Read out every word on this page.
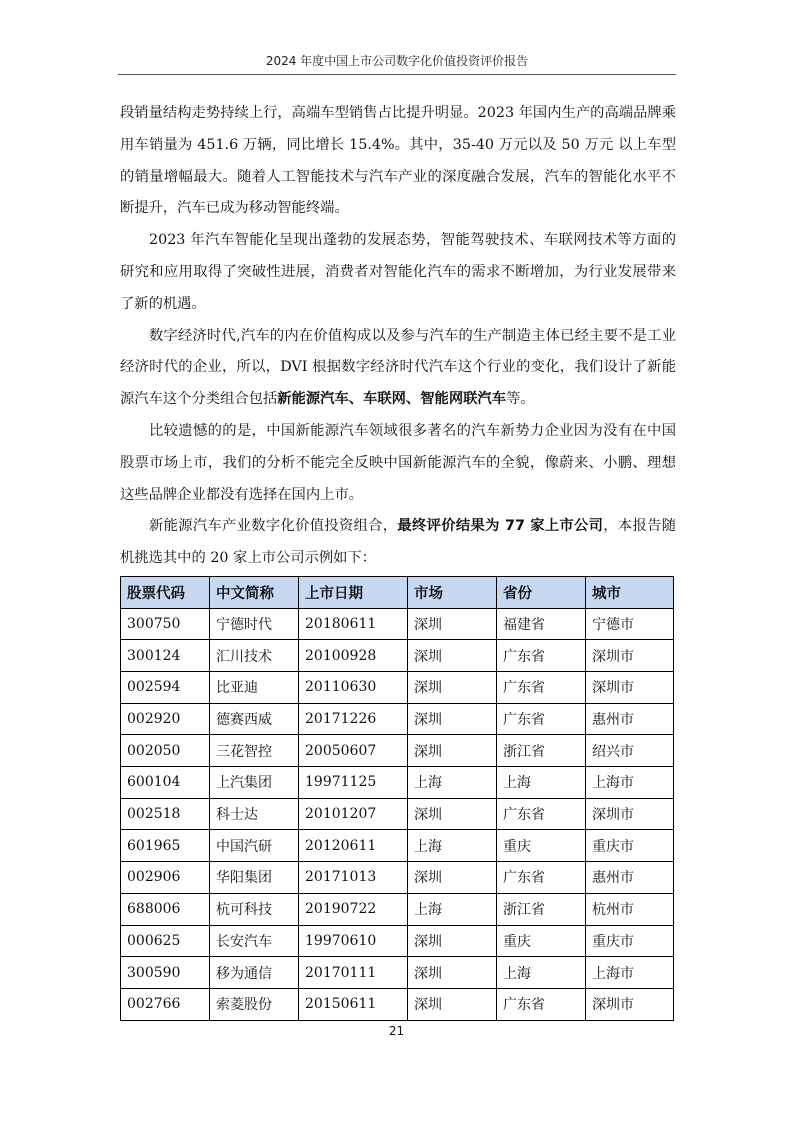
2024 年度中国上市公司数字化价值投资评价报告

段销量结构走势持续上行，高端车型销售占比提升明显。2023 年国内生产的高端品牌乘用车销量为 451.6 万辆，同比增长 15.4%。其中，35-40 万元以及 50 万元 以上车型的销量增幅最大。随着人工智能技术与汽车产业的深度融合发展，汽车的智能化水平不断提升，汽车已成为移动智能终端。

2023 年汽车智能化呈现出蓬勃的发展态势，智能驾驶技术、车联网技术等方面的研究和应用取得了突破性进展，消费者对智能化汽车的需求不断增加，为行业发展带来了新的机遇。

数字经济时代,汽车的内在价值构成以及参与汽车的生产制造主体已经主要不是工业经济时代的企业，所以，DVI 根据数字经济时代汽车这个行业的变化，我们设计了新能源汽车这个分类组合包括新能源汽车、车联网、智能网联汽车等。

比较遗憾的的是，中国新能源汽车领域很多著名的汽车新势力企业因为没有在中国股票市场上市，我们的分析不能完全反映中国新能源汽车的全貌，像蔚来、小鹏、理想这些品牌企业都没有选择在国内上市。

新能源汽车产业数字化价值投资组合，最终评价结果为 77 家上市公司，本报告随机挑选其中的 20 家上市公司示例如下：

股票代码	中文简称	上市日期	市场	省份	城市
300750	宁德时代	20180611	深圳	福建省	宁德市
300124	汇川技术	20100928	深圳	广东省	深圳市
002594	比亚迪	20110630	深圳	广东省	深圳市
002920	德赛西威	20171226	深圳	广东省	惠州市
002050	三花智控	20050607	深圳	浙江省	绍兴市
600104	上汽集团	19971125	上海	上海	上海市
002518	科士达	20101207	深圳	广东省	深圳市
601965	中国汽研	20120611	上海	重庆	重庆市
002906	华阳集团	20171013	深圳	广东省	惠州市
688006	杭可科技	20190722	上海	浙江省	杭州市
000625	长安汽车	19970610	深圳	重庆	重庆市
300590	移为通信	20170111	深圳	上海	上海市
002766	索菱股份	20150611	深圳	广东省	深圳市
21
